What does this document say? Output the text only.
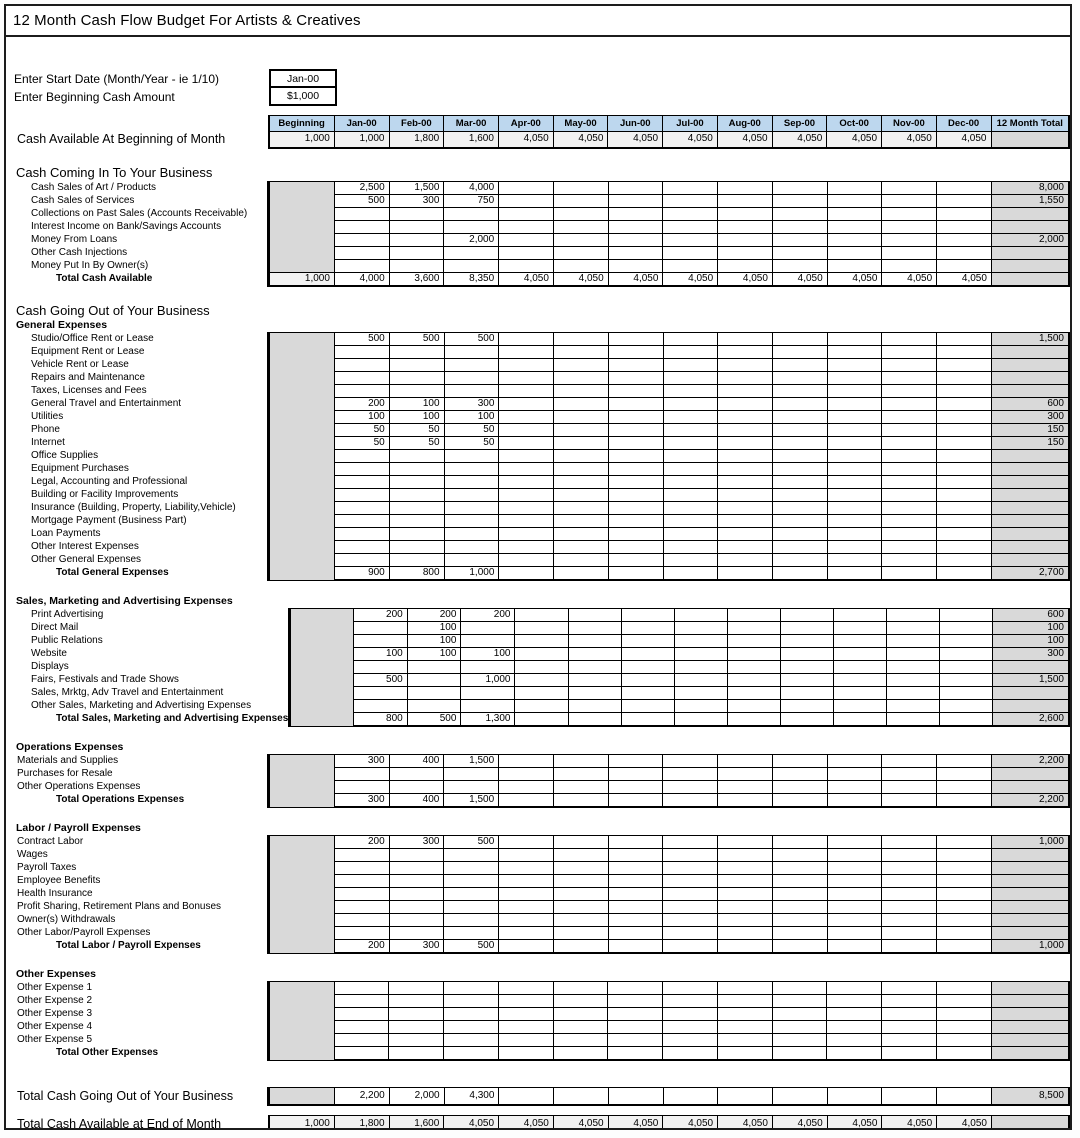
12 Month Cash Flow Budget For Artists & Creatives
Enter Start Date (Month/Year - ie 1/10)	Jan-00
Enter Beginning Cash Amount	$1,000
	Beginning	Jan-00	Feb-00	Mar-00	Apr-00	May-00	Jun-00	Jul-00	Aug-00	Sep-00	Oct-00	Nov-00	Dec-00	12 Month Total
Cash Available At Beginning of Month	1,000	1,000	1,800	1,600	4,050	4,050	4,050	4,050	4,050	4,050	4,050	4,050	4,050	
Cash Coming In To Your Business
Cash Sales of Art / Products		2,500	1,500	4,000										8,000
Cash Sales of Services		500	300	750										1,550
Collections on Past Sales (Accounts Receivable)														
Interest Income on Bank/Savings Accounts														
Money From Loans				2,000										2,000
Other Cash Injections														
Money Put In By Owner(s)														
Total Cash Available	1,000	4,000	3,600	8,350	4,050	4,050	4,050	4,050	4,050	4,050	4,050	4,050	4,050	
Cash Going Out of Your Business
General Expenses
Studio/Office Rent or Lease		500	500	500										1,500
Equipment Rent or Lease														
Vehicle Rent or Lease														
Repairs and Maintenance														
Taxes, Licenses and Fees														
General Travel and Entertainment		200	100	300										600
Utilities		100	100	100										300
Phone		50	50	50										150
Internet		50	50	50										150
Office Supplies														
Equipment Purchases														
Legal, Accounting and Professional														
Building or Facility Improvements														
Insurance (Building, Property, Liability,Vehicle)														
Mortgage Payment (Business Part)														
Loan Payments														
Other Interest Expenses														
Other General Expenses														
Total General Expenses		900	800	1,000										2,700
Sales, Marketing and Advertising Expenses
Print Advertising		200	200	200										600
Direct Mail			100											100
Public Relations			100											100
Website		100	100	100										300
Displays														
Fairs, Festivals and Trade Shows		500		1,000										1,500
Sales, Mrktg, Adv Travel and Entertainment														
Other Sales, Marketing and Advertising Expenses														
Total Sales, Marketing and Advertising Expenses		800	500	1,300										2,600
Operations Expenses
Materials and Supplies		300	400	1,500										2,200
Purchases for Resale														
Other Operations Expenses														
Total Operations Expenses		300	400	1,500										2,200
Labor / Payroll Expenses
Contract Labor		200	300	500										1,000
Wages														
Payroll Taxes														
Employee Benefits														
Health Insurance														
Profit Sharing, Retirement Plans and Bonuses														
Owner(s) Withdrawals														
Other Labor/Payroll Expenses														
Total Labor / Payroll Expenses		200	300	500										1,000
Other Expenses
Other Expense 1														
Other Expense 2														
Other Expense 3														
Other Expense 4														
Other Expense 5														
Total Other Expenses														
Total Cash Going Out of Your Business		2,200	2,000	4,300										8,500
Total Cash Available at End of Month	1,000	1,800	1,600	4,050	4,050	4,050	4,050	4,050	4,050	4,050	4,050	4,050	4,050	
